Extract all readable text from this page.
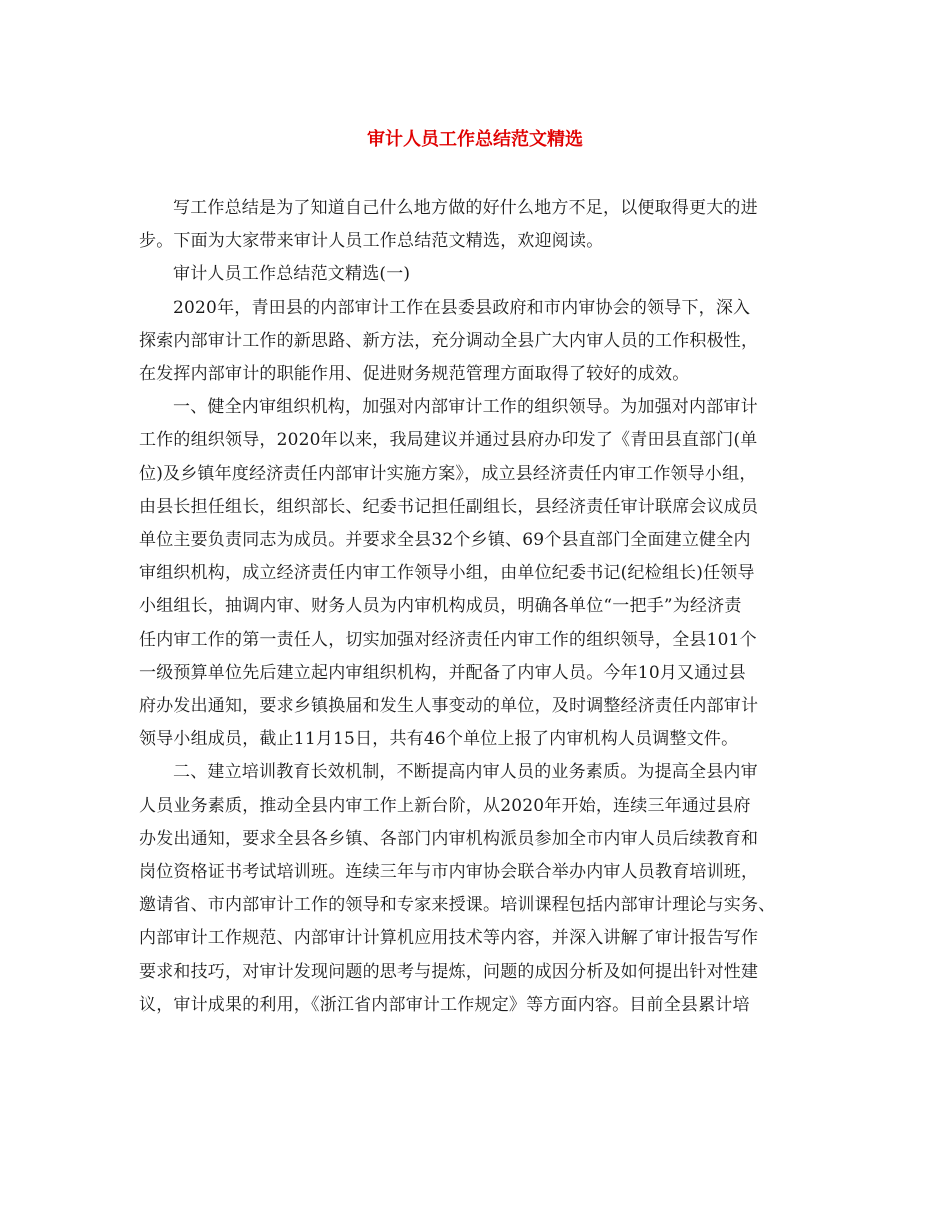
审计人员工作总结范文精选
写工作总结是为了知道自己什么地方做的好什么地方不足，以便取得更大的进
步。下面为大家带来审计人员工作总结范文精选，欢迎阅读。
审计人员工作总结范文精选(一)
2020年，青田县的内部审计工作在县委县政府和市内审协会的领导下，深入
探索内部审计工作的新思路、新方法，充分调动全县广大内审人员的工作积极性，
在发挥内部审计的职能作用、促进财务规范管理方面取得了较好的成效。
一、健全内审组织机构，加强对内部审计工作的组织领导。为加强对内部审计
工作的组织领导，2020年以来，我局建议并通过县府办印发了《青田县直部门(单
位)及乡镇年度经济责任内部审计实施方案》，成立县经济责任内审工作领导小组，
由县长担任组长，组织部长、纪委书记担任副组长，县经济责任审计联席会议成员
单位主要负责同志为成员。并要求全县32个乡镇、69个县直部门全面建立健全内
审组织机构，成立经济责任内审工作领导小组，由单位纪委书记(纪检组长)任领导
小组组长，抽调内审、财务人员为内审机构成员，明确各单位“一把手”为经济责
任内审工作的第一责任人，切实加强对经济责任内审工作的组织领导，全县101个
一级预算单位先后建立起内审组织机构，并配备了内审人员。今年10月又通过县
府办发出通知，要求乡镇换届和发生人事变动的单位，及时调整经济责任内部审计
领导小组成员，截止11月15日，共有46个单位上报了内审机构人员调整文件。
二、建立培训教育长效机制，不断提高内审人员的业务素质。为提高全县内审
人员业务素质，推动全县内审工作上新台阶，从2020年开始，连续三年通过县府
办发出通知，要求全县各乡镇、各部门内审机构派员参加全市内审人员后续教育和
岗位资格证书考试培训班。连续三年与市内审协会联合举办内审人员教育培训班，
邀请省、市内部审计工作的领导和专家来授课。培训课程包括内部审计理论与实务、
内部审计工作规范、内部审计计算机应用技术等内容，并深入讲解了审计报告写作
要求和技巧，对审计发现问题的思考与提炼，问题的成因分析及如何提出针对性建
议，审计成果的利用，《浙江省内部审计工作规定》等方面内容。目前全县累计培
